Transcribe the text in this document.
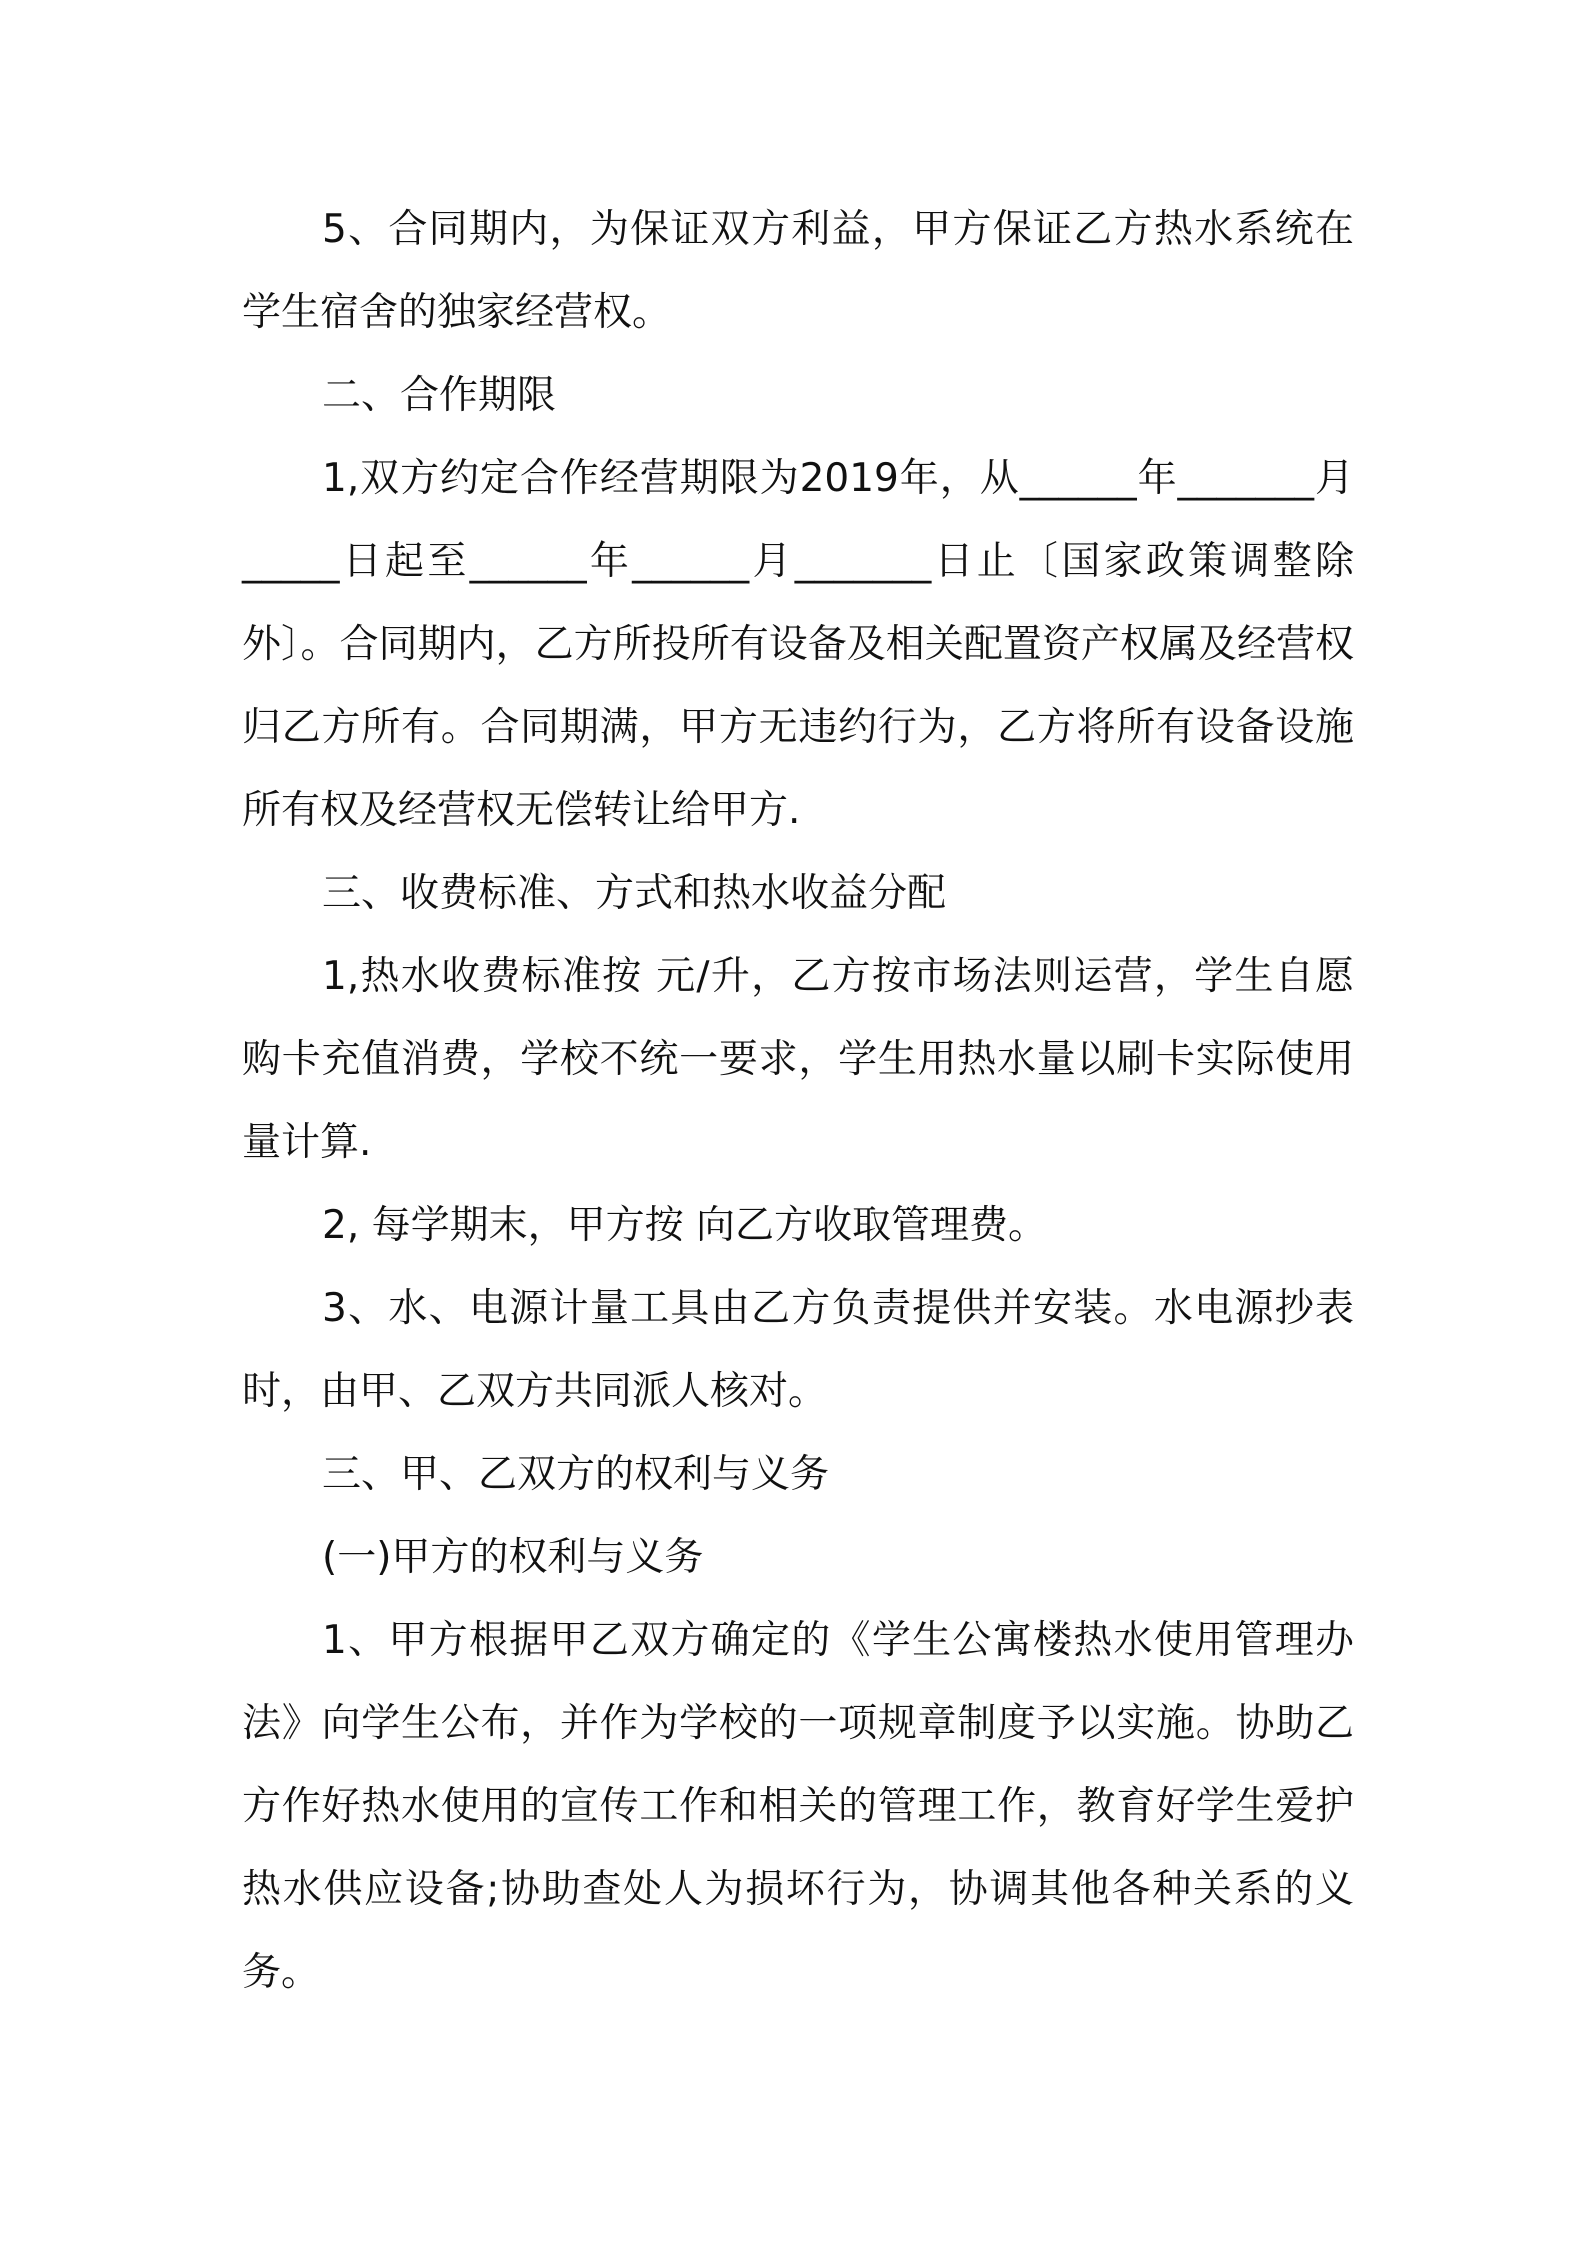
5、合同期内，为保证双方利益，甲方保证乙方热水系统在学生宿舍的独家经营权。

二、合作期限

1,双方约定合作经营期限为2019年，从______年_______月_____日起至______年______月_______日止〔国家政策调整除外〕。合同期内，乙方所投所有设备及相关配置资产权属及经营权归乙方所有。合同期满，甲方无违约行为，乙方将所有设备设施所有权及经营权无偿转让给甲方.

三、收费标准、方式和热水收益分配

1,热水收费标准按 元/升，乙方按市场法则运营，学生自愿购卡充值消费，学校不统一要求，学生用热水量以刷卡实际使用量计算.

2, 每学期末，甲方按 向乙方收取管理费。

3、水、电源计量工具由乙方负责提供并安装。水电源抄表时，由甲、乙双方共同派人核对。

三、甲、乙双方的权利与义务

(一)甲方的权利与义务

1、甲方根据甲乙双方确定的《学生公寓楼热水使用管理办法》向学生公布，并作为学校的一项规章制度予以实施。协助乙方作好热水使用的宣传工作和相关的管理工作，教育好学生爱护热水供应设备;协助查处人为损坏行为，协调其他各种关系的义务。
